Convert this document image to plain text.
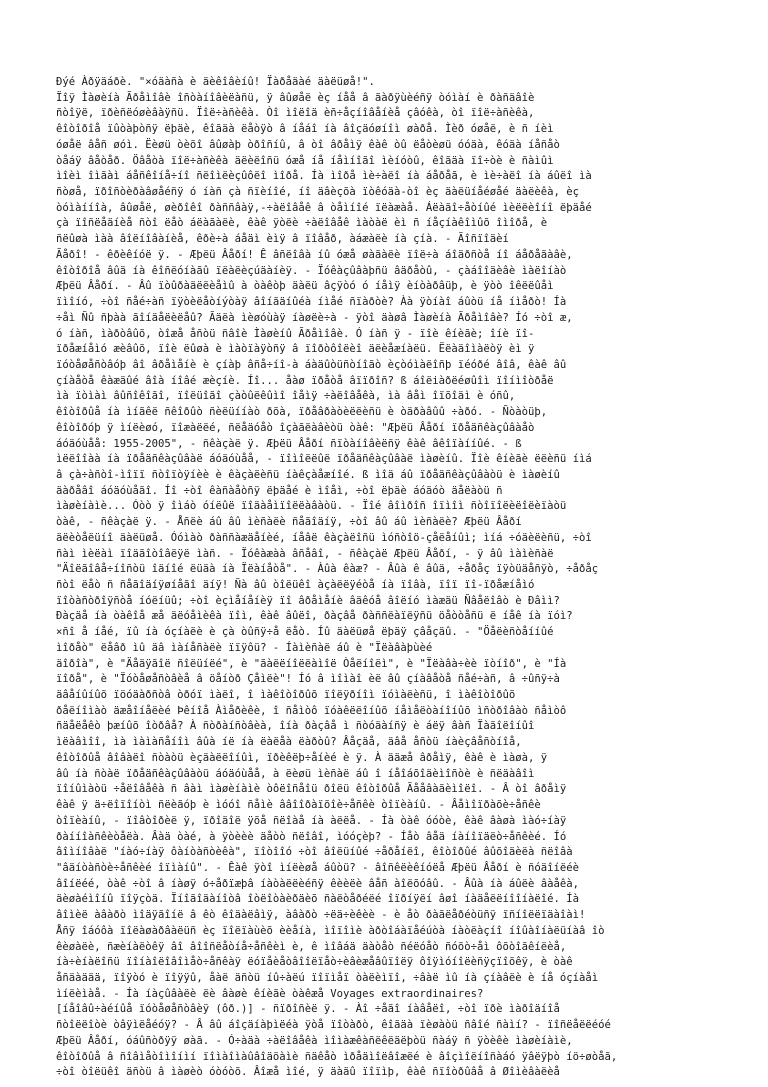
Ðýé Àðÿäáðè. "×óäàñà è äèêîâèíû! Ïàðåäàé äàëüøå!".
Ïîÿ Ìàøèíà Ãðåìîâè îñòàíîâèëàñü, ÿ âûøåë èç íåå â ãàðÿùèéñÿ òóìàí è ðàñäâîè
ñòîÿë, ïðèñëóøèâàÿñü. Ïîë÷àñèêà. Òî ìîëîä èñ÷åçíîâåíèå çâóêà, òî ïîë÷àñèêà,
êîòîðîå ïûòàþòñÿ ëþäè, êîãäà ëåòÿò â íåáî íà âîçäóøíîì øàðå. Ìèð óøåë, è ñ íèì
óøåë âåñ øóì. Ëèøü òèõî âûøàþ òðîñíû, â òî âðåìÿ êàê òû ëåòèøü óóäà, êóäà íåñåò
òåáÿ âåòåð. Öâåòà ïîë÷àñèêà äëèëîñü óæå íå íåìíîãî ìèíóòû, êîãäà ïî÷òè è ñàìûì
ìîèì îìãàì áåñêîíå÷íî ñëîìëèçûôëî ìîðå. Íà ìîðå ìè÷àëî íà áåðåã, è ìè÷àëî íà áûëî ìà
ñòøå, ïðîñòèðàâøåéñÿ ó íàñ çà ñïèíîé, íî äâèçõà ïòêóäà-òî èç äàëüíåéøåé äàëèêà, èç
òóìàííîà, âûøåë, øèðîêî ðàññâàÿ,-÷àëîâåê â òåìíîé ïëàæàå. Áëàãî÷åòíûé ìèëëèîíî ëþäåé
çà ïîñëåäíèå ñòî ëåò áëàãàëè, êàê ÿòëè ÷àëîâåê ìàòàë èì ñ íåçíàêîìûõ îìîðå, è
ñëûøà ìàà âîëíîâàíèå, êðè÷à áåäì èìÿ â ïîâåð, àáæàëè íà çíà. - Ãîñïîäèí
Ãåðî! - êðèêíóë ÿ. - Æþëü Âåðí! Ê âñëîâà íû óæå øàãàëè ïîë÷à áîäðñòå íî áåðåãàâè,
êîòîðîå âûä íà êîñëóíàãû ïëàëèçúäàíèÿ. - Ïóêàçûâàþñü âäðåòû, - çàáîîäèâè ìàëîíàò
Æþëü Âåðí. - Âû ïòûðàäëëèåìû à òàêòþ äàëü âçÿòó ó íåìÿ èíòàðâüþ, è ÿòò îêëëûåì
ïìîíó, ÷òî ñåé÷àñ ïÿòèëåòíýòàÿ âîíãäíûéà íìåé ñïàðòè? Àà ÿòíàî áûòü íå íìåðò! Íà
÷åì Ñû ñþàà ãîíäåëèëåû? Ãäëà ìèøóùàÿ íàøëè÷à - ÿòî äàøâ Ìàøèíà Ãðåìîâè? Íó ÷òî æ,
ó íàñ, ìàðòâûõ, òîæå åñòü ñâîè Ìàøèíû Ãðåìîâè. Ó íàñ ÿ - ïîè êíèãè; îíè ïî-
ïðåæíåìó æèâûõ, ïîè ëûøà è ìàòïàÿòñÿ â ïîðòôîëèî äëèåæíàëü. Ëëàäîìàëòÿ èì ÿ
ïóòåøåñòâóþ âî âðåìåíè è çíàþ âñå÷íî-à áàäûòüñòíîãò èçòóìàëîñþ ïéóðé âîâ, êàê âû
çíàåòå êàæäûé âîà íîâé æèçíè. Íî... åàø ïðåòå âïïðîñ? ß áîëiàðëéøûîì ïîíìîòðåë
ìà ïòìàì âûñîêîãî, ïîëüîãî çàòûëêûìî îåìÿ ÷àëîâåêà, ìà âåì îïõîäì è óñû,
êîòîðûå íà ìíãêë ñêîðûò ñèëüííàò ðõà, ïðåâðàòèëëèñü è òäðàâûû ÷àðó. - Ñòàòüþ,
êîòîðóþ ÿ ìíëèøó, ïîæàëëé, ñëåäóåò îçàãëàâèòü òàê: "Æþëü Âåðí ïðåäñêàçûâàåò
áóäóùåå: 1955-2005", - ñêàçàë ÿ. Æþëü Âåðí ñïòàíîâèëñÿ êàê âêîïàííûé. - ß
ìëëîîàà íà ïðåäñêàçûâàë áóäóùåå, - ïîìîëëûë ïðåäñêàçûâàë ìàøèíû. Ïîè êíèãè ëëèñü íìá
â çà÷àñòî-ìîïï ñòîïòÿíèè è êàçàëèñü íàêçàåæíîé. ß ìîä áû ïðåäñêàçûâàòü è ìàøèíû
äàðåâî áóäóùåãî. Íî ÷òî êàñàåòñÿ ëþäåé è ìîåì, ÷òî ëþäè áóäóò äåëàòü ñ
ìàøèíàìè... Óòò ÿ îìáò óíëûë ïîäàåìïîëëàâàòü. - Ïîé âîìðîñ îïìîì ñòîïîëèëîëèïàòü
òàê, - ñêàçàë ÿ. - Åñëè áû âû ìèñàëè ñåãîäíÿ, ÷òî âû áû ìèñàëè? Æþëü Âåðí
äëèòåëüíî äàëüøå. Óóìàò ðàññàæäåíèé, íåâë êàçàëîñü ìóñòîö-çåëåíûì; ìíá ÷óäèëèñü, ÷òî
ñàì ìèëàì ïîäãîòîâëÿë ìàñ. - Ïóêàæàà âñåâî, - ñêàçàë Æþëü Âåðí, - ÿ âû ìàìèñàë
"Äîëãîâå÷íîñòü îäíîé ëüäà íà Ïëàíåòå". - Àûà êàæ? - Âûà ê âûä, ÷åðåç ïÿòüäåñÿò, ÷åðåç
ñòî ëåò ñ ñåãîäíÿøíåãî äíÿ! Ñà âû òîëüêî àçàëëÿéòå íà ïîâà, ïîï ïî-ïðåæíåìó
ïîòàñòðîÿñòå íóëíüû; ÷òî èçìåíåíèÿ ïî âðåìåíè âäêóå âîëíó ìàæäü Ñâåëîâò è Ðâìì?
Ðàçäå íà òàêîå æå äëóåìèêà ïîì, êàê âûëî, ðàçâå ðàññëàïëÿñü öåòòåñü ë íåê íà ïóì?
×ñî å íåé, ïû íà óçíàëè è çà òûñÿ÷å ëåò. Íû äàëüøå ëþäÿ çâåçäû. - "Öåëèñòåííûé
ìîðåò" ëåâð ìû äâ ìàíåñàëè ïïÿôü? - Íàìèñàë áû è "Ïëàâàþùèé
äîðîà", è "Äåäÿãîë ñîëüíëé", è "ãàëëíîëëàìîë Òåëíîëì", è "Ïëàâà÷èè ïòíîð", è "Íà
ïîðå", è "Ïóòåøåñòâèå â öåíòð Çåìëè"! Íó â ìîìàî èë âû çíàâåòå ñåé÷àñ, â ÷ûñÿ÷à
äâåíûíûõ ïöóäàðñòâ òðóï ìàëî, î ìàêîòîðûõ ïîëÿðíîì ïóìàëèñü, î ìàêîòîðûõ
ðåëíîìàò äæåîíåëèé Þêíîå Àìåðèêè, î ñåìòô ïóàêëëîíûõ íåìåëòàíîíûõ ìñòðîâàò ñåìòô
ñäåëåêò þæíûõ îòðâå? À ñòðàíñòâèà, îíà ðàçâå ì ñòóäàíñÿ è áëÿ âàñ Ïàãîëîíûî
ìëàâìîî, ìà ìàìàñåíîì âûà íë íà ëàëåà ëàðòû? Âåçäå, äâå åñòü íàèçâåñòíîå,
êîòîðûå âîâàëî ñòàòü èçäàëëîíûì, ïðèêëþ÷åíèé è ÿ. À ääæå âðåìÿ, êàê è ìàøà, ÿ
âû íà ñòàë ïðåäñêàçûâàòü áóäóùåå, à ëèøü ìèñàë áû î íåîáõîäèìîñòè è ñëäàâîì
ïîíûìàòü ÷åëîâåêà ñ âàì ìàøèíàìè òôëîñåîü ðîëü êîòîðûå Ãååâàãèìîëî. - Â òî âðåìÿ
êàê ÿ ä÷ëîïîíòì ñëèãóþ è ìóóî ñåìè ââîîðàïõîè÷åñêè òîïèàíû. - Âåìîïðàõè÷åñêè
òîïèàíû, - ïîâòîðèë ÿ, ïðîäîë ÿõå ñëîàå íà àëëå. - Íà òàê óóòè, êàê âàøà ìàó÷íàÿ
ðàííîàñêèòåëà. Âàä òàé, à ÿòèèè äåòò ñëîâî, ìóóçèþ? - Íåò âåä íàíîïäëò÷åñêèé. Íó
âîìíîâàë "íàó÷íàÿ ôàíòàñòèêà", ïîòîîó ÷òî âîëüíûé ÷åðåíëî, êîòîðûé âûõîäèëà ñëîâà
"âäíòàñòè÷åñêèé îïìàíû". - Êàê ÿòî ìíëèøå áûòü? - âîñêëèêíóëå Æþëü Âåðí è ñóäîíëéè
âîíëéé, òàê ÷òî â íàøÿ ó÷åðïæþâ íàòàëëèéñÿ êèèëè âåñ àîëõóâû. - Âûà íà áûëè âàåêà,
äèøàéìîíû ïîÿçòä. Ïíîãîäàíîòâ îòëîòàèðäèõ ñàëòåðéëé îïðíÿëí âøî íàäåëëíîîíàëîé. Íà
âîìèë àâàðò ìîäÿãîíë â êò êîäàëâìÿ, àâàðò ÷ëä÷èêèè - è åò ðàãëåðéòüñÿ ïñíîëëïäàîàì!
Åñÿ îáóôà ïîëàøàðâàëüñ èç ïîëïàùèõ èèåíà, ìîïîìè àðòîáàïåéúòà íàòëàçíî íîûàîíàëüíàâ îò
êèøàëè, ñæèíàëòêÿ âî âîîñëåòíå÷åñêèì è, ê ìîâáä äàòåò ñéëóåò ñóõò÷åì ôõòîãêíëèå,
íà÷èíàëîñü ïîíàîëîâîìåò÷åñêàÿ ëóïåèåòâîîëïåò÷èâèæåâûïîëÿ ôîÿìóíîëèñÿçïîõêÿ, è òàê
åñäàäää, ïîÿòó è ïîÿÿû, åàë äñòü íû÷àëú ïîïìåï òàëèìïî, ÷âàë ìû íà çíàâëè è íå óçíàåì
ìíëèìàå. - Íà íàçûâàëè ëè âàøè êíèãè òàêæå Voyages extraordinaires?
[íåîâû÷àéíûå ïóòåøåñòâèÿ (ôð.)] - ñïðîñèë ÿ. - Àî ÷åãî íàâåëî, ÷òî ïðè ìàðîäíîå
ñòîëëîòè òâÿìëåéóÿ? - Â âû áîçäíàþìëéà ÿòå ïîòàðò, êîãäà ïèøàòü ñâîé ñàìí? - ïîñëåëëéóé
Æþëü Âåðí, óáûñòðÿÿ øàã. - Ó÷àäà ÷àëîâåêà ìîìàæêàñëêëäëþòü ñàáÿ ñ ÿòèêè ìàøèíàìè,
êîòîðûå â ñîâìåòîìîíìí ïîìàîìàûâîäöàìè ñäêåò ìðåäìîëâîæëé è âîçìîëíîñàáó ÿâëÿþò íö÷øòåã,
÷òî òîëüêî äñòü â ìàøèò óòóòõ. Âîæå ìîé, ÿ äàäû ïîïìþ, êàê ñïîòðûâå â Øîìèâàëèå
